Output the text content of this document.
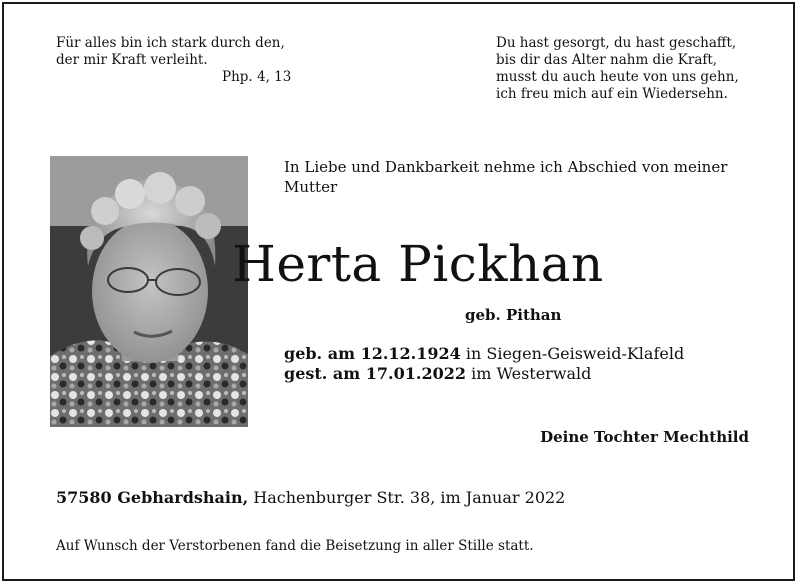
Für alles bin ich stark durch den,
der mir Kraft verleiht.
Php. 4, 13
Du hast gesorgt, du hast geschafft,
bis dir das Alter nahm die Kraft,
musst du auch heute von uns gehn,
ich freu mich auf ein Wiedersehn.
In Liebe und Dankbarkeit nehme ich Abschied von meiner
Mutter
Herta Pickhan
geb. Pithan
geb. am 12.12.1924 in Siegen-Geisweid-Klafeld
gest. am 17.01.2022 im Westerwald
Deine Tochter Mechthild
57580 Gebhardshain, Hachenburger Str. 38, im Januar 2022
Auf Wunsch der Verstorbenen fand die Beisetzung in aller Stille statt.
